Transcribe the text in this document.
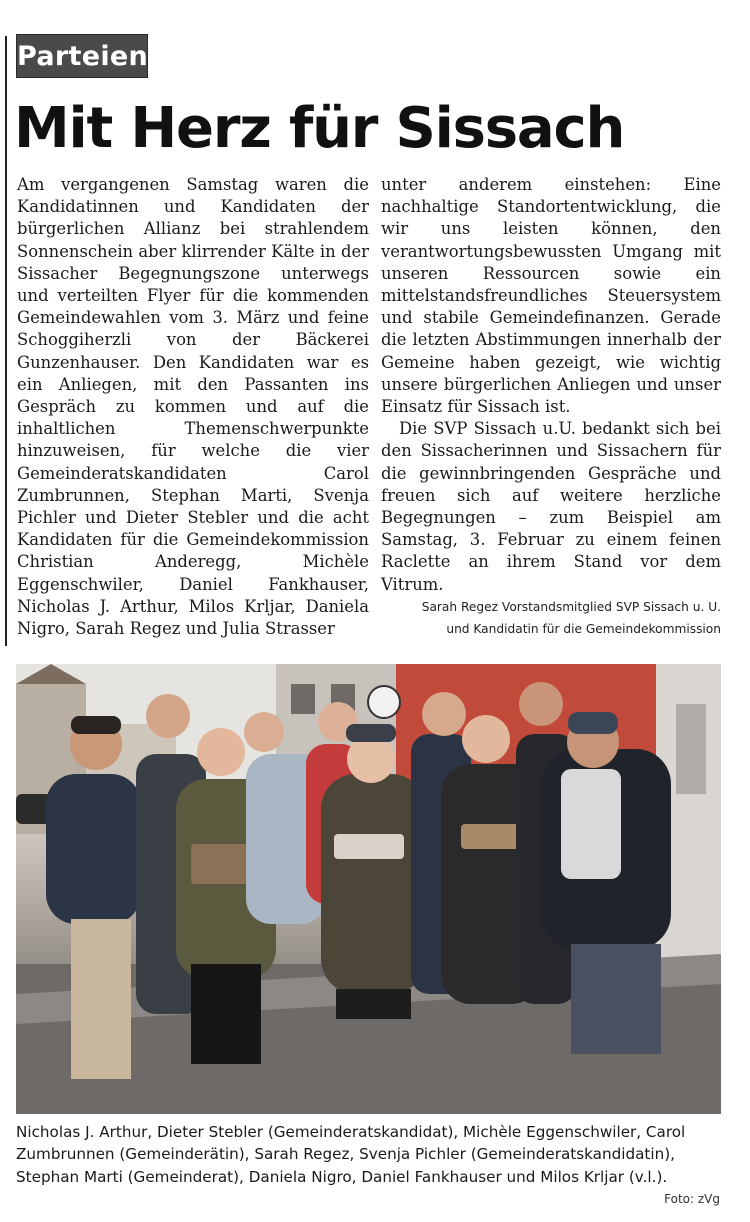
Parteien
Mit Herz für Sissach

Am vergangenen Samstag waren die Kandidatinnen und Kandidaten der bürgerlichen Allianz bei strahlendem Sonnenschein aber klirrender Kälte in der Sissacher Begegnungszone unterwegs und verteilten Flyer für die kommenden Gemeindewahlen vom 3. März und feine Schoggiherzli von der Bäckerei Gunzenhauser. Den Kandidaten war es ein Anliegen, mit den Passanten ins Gespräch zu kommen und auf die inhaltlichen Themenschwerpunkte hinzuweisen, für welche die vier Gemeinderatskandidaten Carol Zumbrunnen, Stephan Marti, Svenja Pichler und Dieter Stebler und die acht Kandidaten für die Gemeindekommission Christian Anderegg, Michèle Eggenschwiler, Daniel Fankhauser, Nicholas J. Arthur, Milos Krljar, Daniela Nigro, Sarah Regez und Julia Strasser

unter anderem einstehen: Eine nachhaltige Standortentwicklung, die wir uns leisten können, den verantwortungsbewussten Umgang mit unseren Ressourcen sowie ein mittelstandsfreundliches Steuersystem und stabile Gemeindefinanzen. Gerade die letzten Abstimmungen innerhalb der Gemeine haben gezeigt, wie wichtig unsere bürgerlichen Anliegen und unser Einsatz für Sissach ist.

Die SVP Sissach u.U. bedankt sich bei den Sissacherinnen und Sissachern für die gewinnbringenden Gespräche und freuen sich auf weitere herzliche Begegnungen – zum Beispiel am Samstag, 3. Februar zu einem feinen Raclette an ihrem Stand vor dem Vitrum.

Sarah Regez Vorstandsmitglied SVP Sissach u. U.
und Kandidatin für die Gemeindekommission
Nicholas J. Arthur, Dieter Stebler (Gemeinderatskandidat), Michèle Eggenschwiler, Carol Zumbrunnen (Gemeinderätin), Sarah Regez, Svenja Pichler (Gemeinderatskandidatin), Stephan Marti (Gemeinderat), Daniela Nigro, Daniel Fankhauser und Milos Krljar (v.l.).
Foto: zVg
